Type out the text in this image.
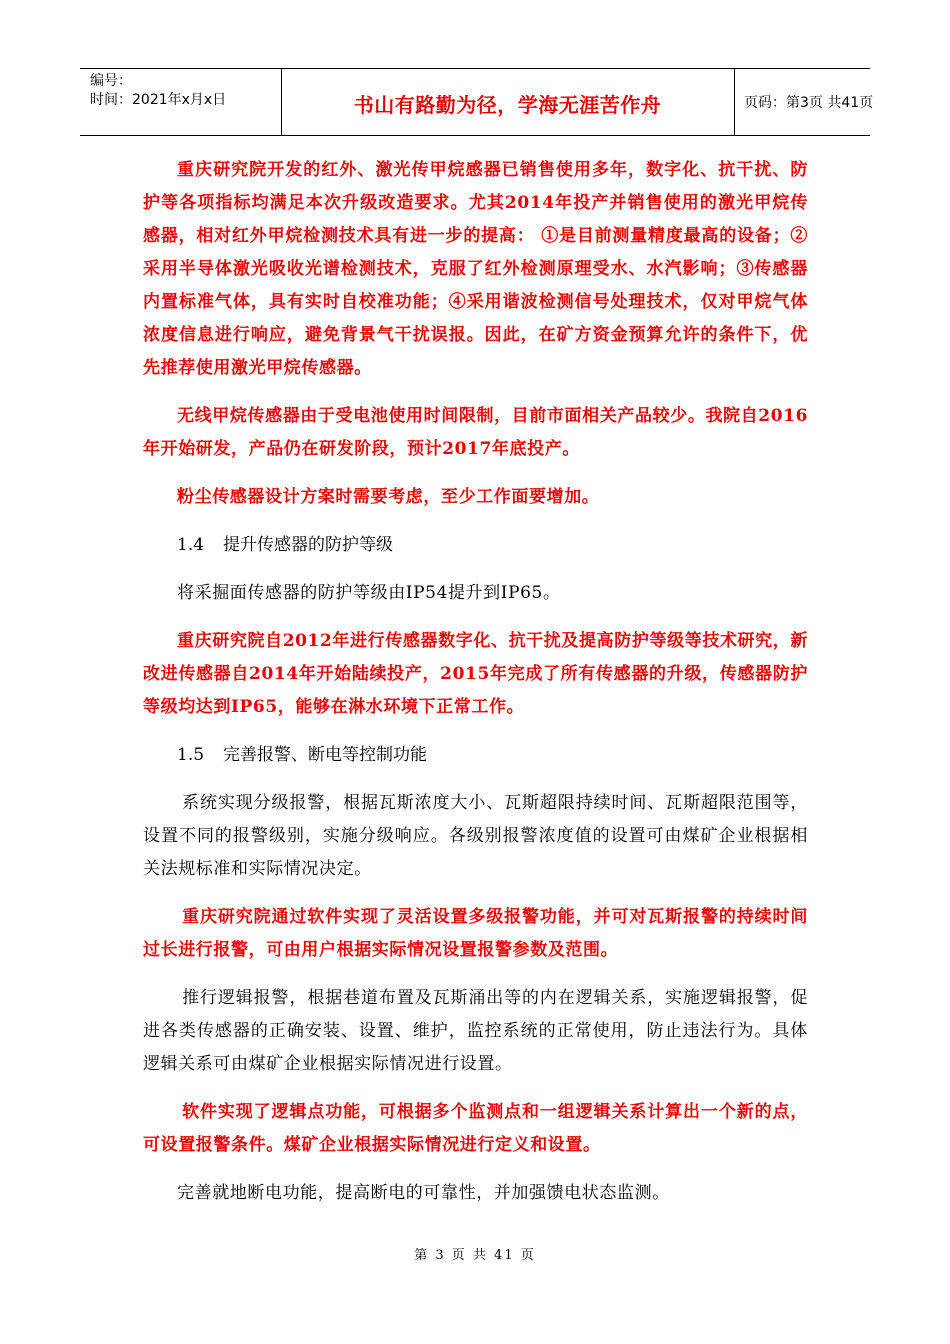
编号：
时间：2021年x月x日	书山有路勤为径，学海无涯苦作舟	页码：第3页 共41页

重庆研究院开发的红外、激光传甲烷感器已销售使用多年，数字化、抗干扰、防护等各项指标均满足本次升级改造要求。尤其2014年投产并销售使用的激光甲烷传感器，相对红外甲烷检测技术具有进一步的提高： ①是目前测量精度最高的设备；②采用半导体激光吸收光谱检测技术，克服了红外检测原理受水、水汽影响；③传感器内置标准气体，具有实时自校准功能；④采用谐波检测信号处理技术，仅对甲烷气体浓度信息进行响应，避免背景气干扰误报。因此，在矿方资金预算允许的条件下，优先推荐使用激光甲烷传感器。

无线甲烷传感器由于受电池使用时间限制，目前市面相关产品较少。我院自2016年开始研发，产品仍在研发阶段，预计2017年底投产。

粉尘传感器设计方案时需要考虑，至少工作面要增加。

1.4 提升传感器的防护等级

将采掘面传感器的防护等级由IP54提升到IP65。

重庆研究院自2012年进行传感器数字化、抗干扰及提高防护等级等技术研究，新改进传感器自2014年开始陆续投产，2015年完成了所有传感器的升级，传感器防护等级均达到IP65，能够在淋水环境下正常工作。

1.5 完善报警、断电等控制功能

系统实现分级报警，根据瓦斯浓度大小、瓦斯超限持续时间、瓦斯超限范围等，设置不同的报警级别，实施分级响应。各级别报警浓度值的设置可由煤矿企业根据相关法规标准和实际情况决定。

重庆研究院通过软件实现了灵活设置多级报警功能，并可对瓦斯报警的持续时间过长进行报警，可由用户根据实际情况设置报警参数及范围。

推行逻辑报警，根据巷道布置及瓦斯涌出等的内在逻辑关系，实施逻辑报警，促进各类传感器的正确安装、设置、维护，监控系统的正常使用，防止违法行为。具体逻辑关系可由煤矿企业根据实际情况进行设置。

软件实现了逻辑点功能，可根据多个监测点和一组逻辑关系计算出一个新的点，可设置报警条件。煤矿企业根据实际情况进行定义和设置。

完善就地断电功能，提高断电的可靠性，并加强馈电状态监测。

第 3 页 共 41 页
